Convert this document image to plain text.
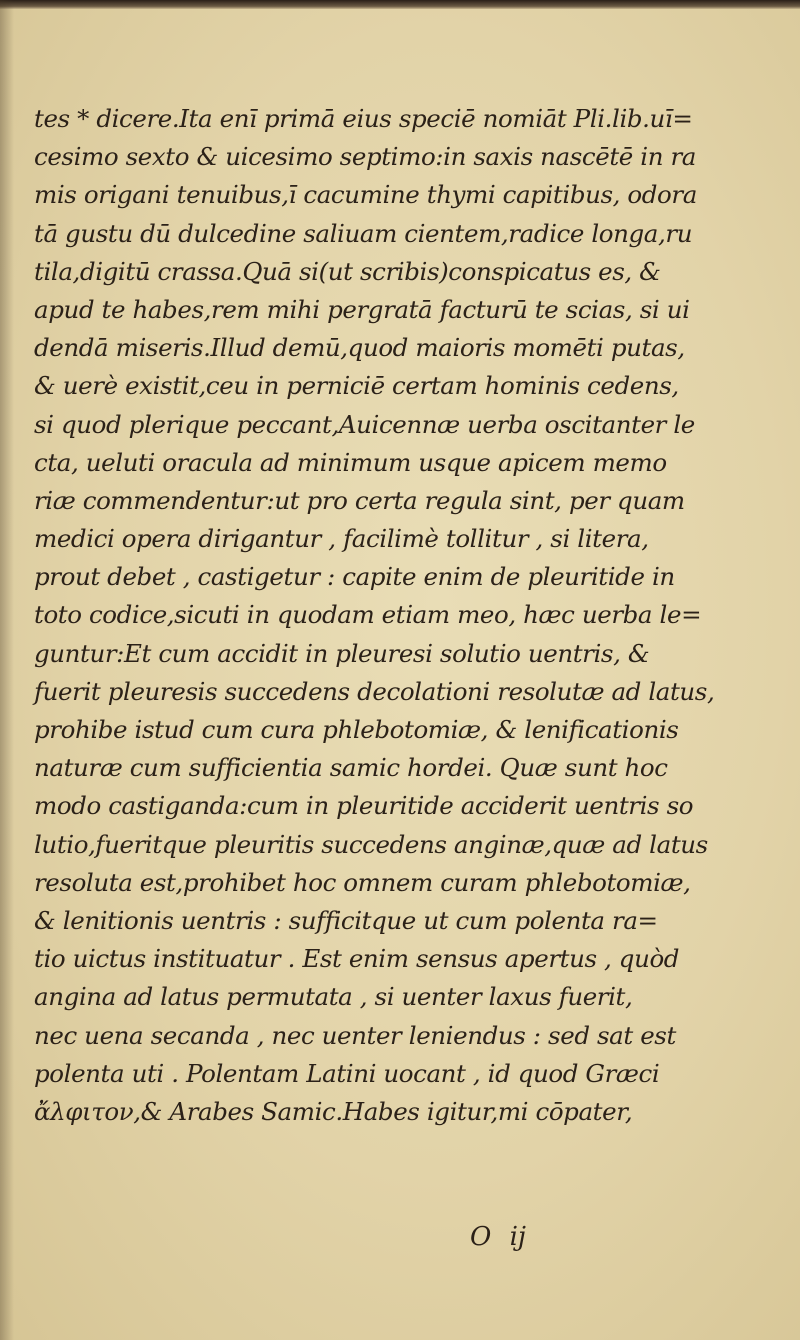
tes * dicere.Ita enī primā eius speciē nomiāt Pli.lib.uī=
cesimo sexto & uicesimo septimo:in saxis nascētē in ra
mis origani tenuibus,ī cacumine thymi capitibus, odora
tā gustu dū dulcedine saliuam cientem,radice longa,ru
tila,digitū crassa.Quā si(ut scribis)conspicatus es, &
apud te habes,rem mihi pergratā facturū te scias, si ui
dendā miseris.Illud demū,quod maioris momēti putas,
& uerè existit,ceu in perniciē certam hominis cedens,
si quod plerique peccant,Auicennæ uerba oscitanter le
cta, ueluti oracula ad minimum usque apicem memo
riæ commendentur:ut pro certa regula sint, per quam
medici opera dirigantur , facilimè tollitur , si litera,
prout debet , castigetur : capite enim de pleuritide in
toto codice,sicuti in quodam etiam meo, hæc uerba le=
guntur:Et cum accidit in pleuresi solutio uentris, &
fuerit pleuresis succedens decolationi resolutæ ad latus,
prohibe istud cum cura phlebotomiæ, & lenificationis
naturæ cum sufficientia samic hordei. Quæ sunt hoc
modo castiganda:cum in pleuritide acciderit uentris so
lutio,fueritque pleuritis succedens anginæ,quæ ad latus
resoluta est,prohibet hoc omnem curam phlebotomiæ,
& lenitionis uentris : sufficitque ut cum polenta ra=
tio uictus instituatur . Est enim sensus apertus , quòd
angina ad latus permutata , si uenter laxus fuerit,
nec uena secanda , nec uenter leniendus : sed sat est
polenta uti . Polentam Latini uocant , id quod Græci
ἄλφιτον,& Arabes Samic.Habes igitur,mi cōpater,
O ij
